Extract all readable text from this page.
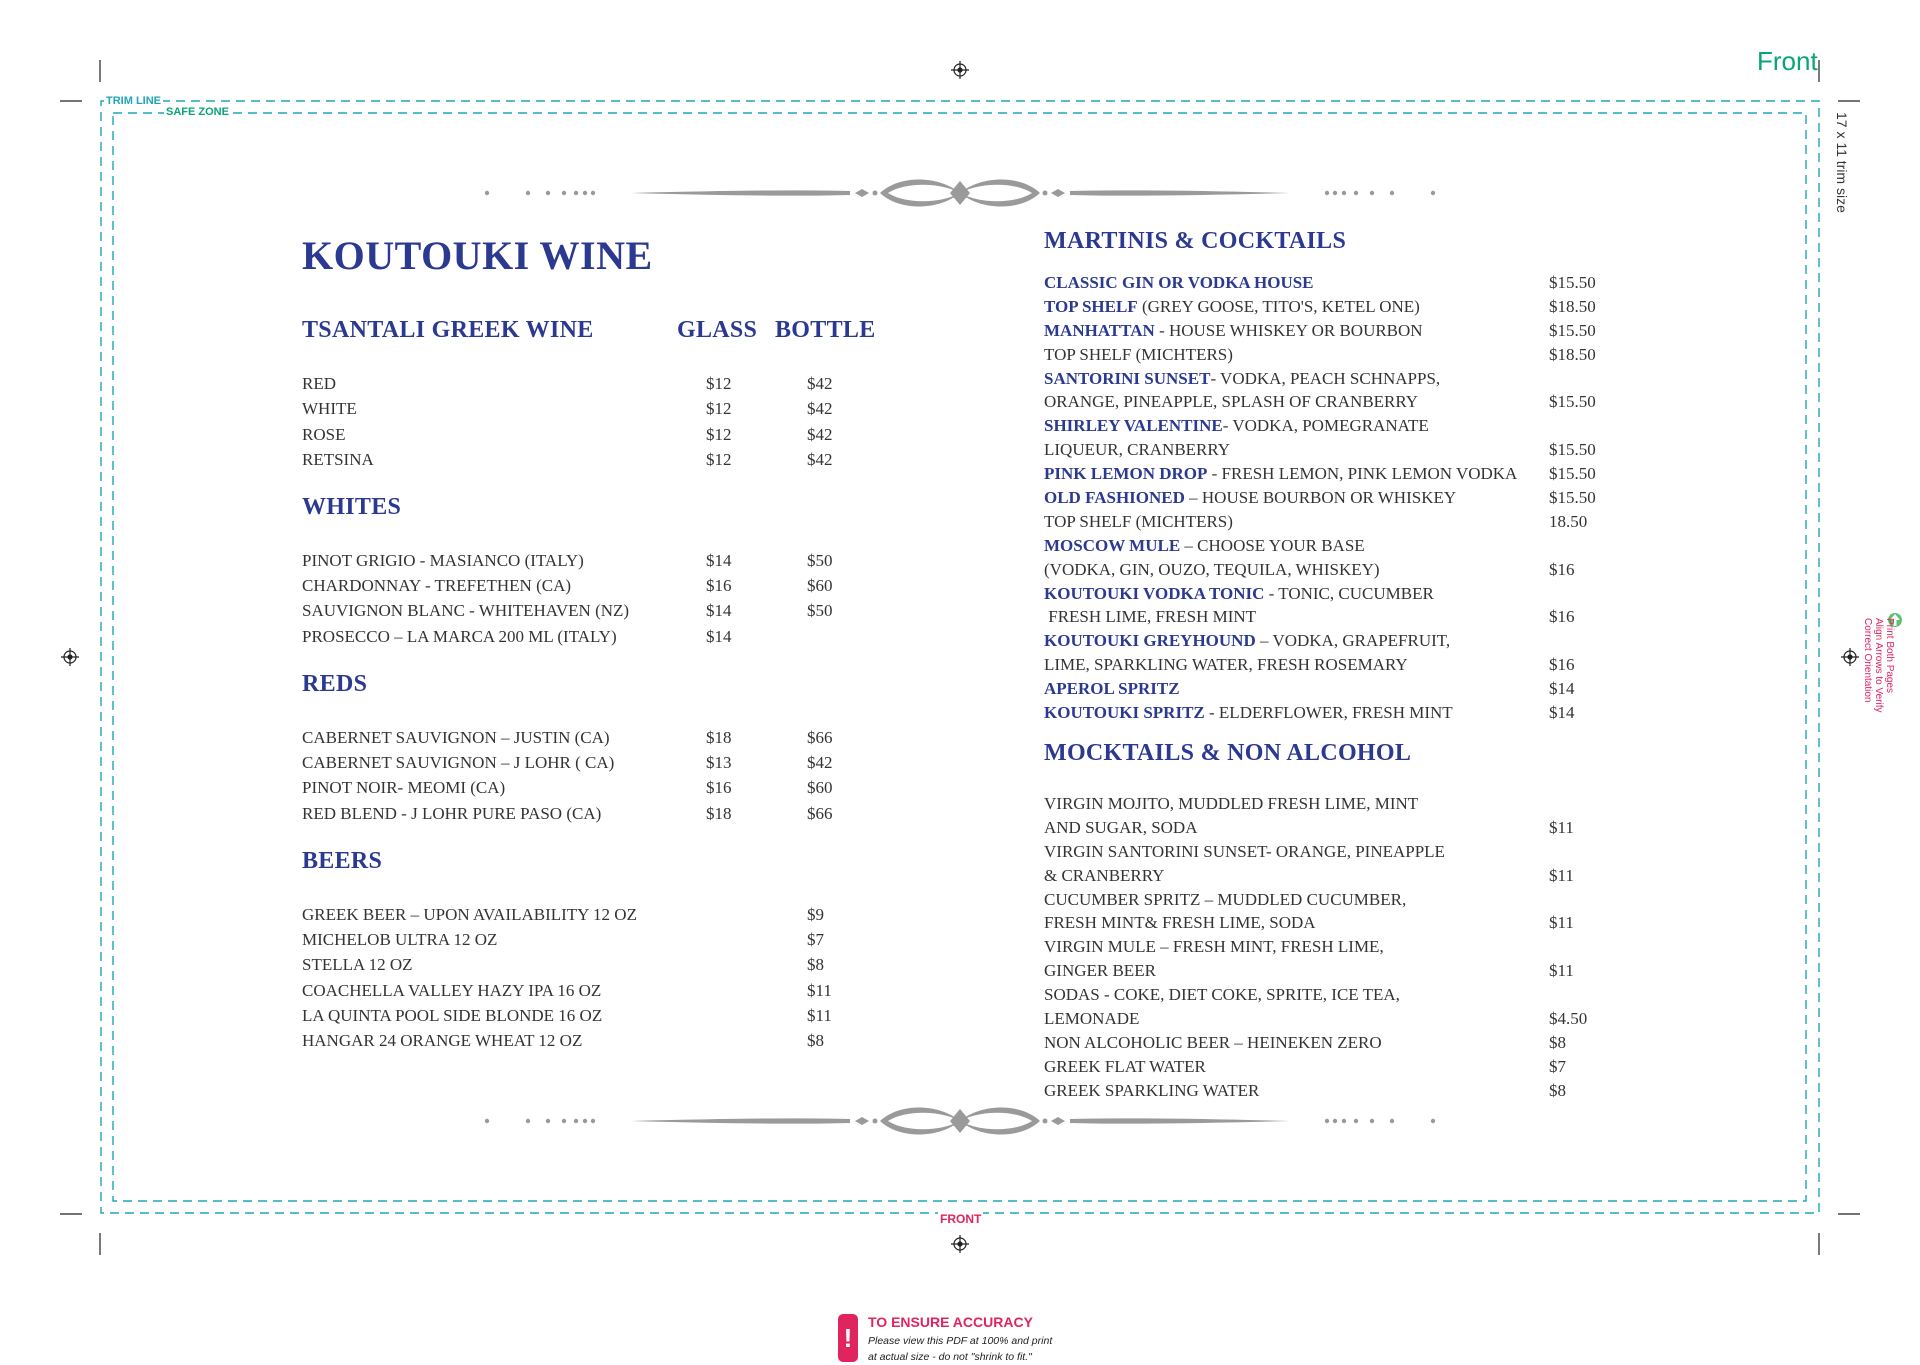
Front
TRIM LINE
SAFE ZONE	17 x 11 trim size
Correct Orientation Align Arrows to Verify Print Both Pages
FRONT
!
TO ENSURE ACCURACY
Please view this PDF at 100% and print
at actual size - do not "shrink to fit."
KOUTOUKI WINE
TSANTALI GREEK WINE	GLASS BOTTLE
RED	$12	$42
WHITE	$12	$42
ROSE	$12	$42
RETSINA	$12	$42
WHITES
PINOT GRIGIO - MASIANCO (ITALY)	$14	$50
CHARDONNAY - TREFETHEN (CA)	$16	$60
SAUVIGNON BLANC - WHITEHAVEN (NZ)	$14	$50
PROSECCO – LA MARCA 200 ML (ITALY)	$14
REDS
CABERNET SAUVIGNON – JUSTIN (CA)	$18	$66
CABERNET SAUVIGNON – J LOHR ( CA)	$13	$42
PINOT NOIR- MEOMI (CA)	$16	$60
RED BLEND - J LOHR PURE PASO (CA)	$18	$66
BEERS
GREEK BEER – UPON AVAILABILITY 12 OZ	$9
MICHELOB ULTRA 12 OZ	$7
STELLA 12 OZ	$8
COACHELLA VALLEY HAZY IPA 16 OZ	$11
LA QUINTA POOL SIDE BLONDE 16 OZ	$11
HANGAR 24 ORANGE WHEAT 12 OZ	$8
MARTINIS & COCKTAILS
CLASSIC GIN OR VODKA HOUSE	$15.50
TOP SHELF (GREY GOOSE, TITO'S, KETEL ONE)	$18.50
MANHATTAN - HOUSE WHISKEY OR BOURBON	$15.50
TOP SHELF (MICHTERS)	$18.50
SANTORINI SUNSET- VODKA, PEACH SCHNAPPS,
ORANGE, PINEAPPLE, SPLASH OF CRANBERRY	$15.50
SHIRLEY VALENTINE- VODKA, POMEGRANATE
LIQUEUR, CRANBERRY	$15.50
PINK LEMON DROP - FRESH LEMON, PINK LEMON VODKA $15.50
OLD FASHIONED – HOUSE BOURBON OR WHISKEY	$15.50
TOP SHELF (MICHTERS)	18.50
MOSCOW MULE – CHOOSE YOUR BASE
(VODKA, GIN, OUZO, TEQUILA, WHISKEY)	$16
KOUTOUKI VODKA TONIC - TONIC, CUCUMBER
FRESH LIME, FRESH MINT	$16
KOUTOUKI GREYHOUND – VODKA, GRAPEFRUIT,
LIME, SPARKLING WATER, FRESH ROSEMARY	$16
APEROL SPRITZ	$14
KOUTOUKI SPRITZ - ELDERFLOWER, FRESH MINT	$14
MOCKTAILS & NON ALCOHOL
VIRGIN MOJITO, MUDDLED FRESH LIME, MINT
AND SUGAR, SODA	$11
VIRGIN SANTORINI SUNSET- ORANGE, PINEAPPLE
& CRANBERRY	$11
CUCUMBER SPRITZ – MUDDLED CUCUMBER,
FRESH MINT& FRESH LIME, SODA	$11
VIRGIN MULE – FRESH MINT, FRESH LIME,
GINGER BEER	$11
SODAS - COKE, DIET COKE, SPRITE, ICE TEA,
LEMONADE	$4.50
NON ALCOHOLIC BEER – HEINEKEN ZERO	$8
GREEK FLAT WATER	$7
GREEK SPARKLING WATER	$8
